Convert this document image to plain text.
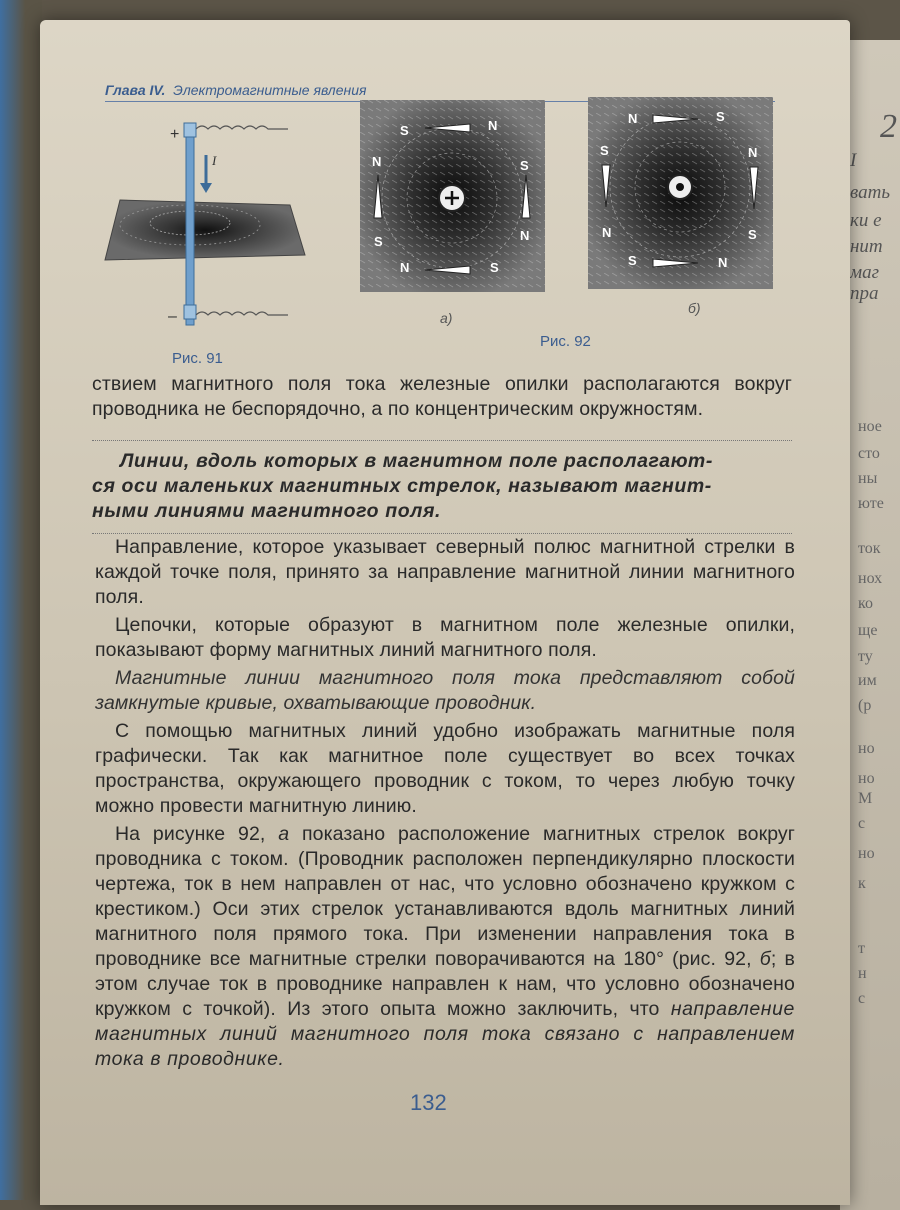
2
I
вать
ки е
нит
маг
пра
ное
сто
ны
юте
ток
нох
ко
ще
ту
им
(р
но
но
М
с
но
к
т
н
с
Глава IV. Электромагнитные явления
I
+
–
Рис. 91
S	N
N	S
S	N
N	S
а)
N	S
S	N
N	S
S	N
б)
Рис. 92

ствием магнитного поля тока железные опилки располагаются вокруг проводника не беспорядочно, а по концентрическим окружностям.

Линии, вдоль которых в магнитном поле располагают-
ся оси маленьких магнитных стрелок, называют магнит-
ными линиями магнитного поля.

Направление, которое указывает северный полюс магнитной стрелки в каждой точке поля, принято за направление магнитной линии магнитного поля.

Цепочки, которые образуют в магнитном поле железные опилки, показывают форму магнитных линий магнитного поля.

Магнитные линии магнитного поля тока представляют собой замкнутые кривые, охватывающие проводник.

С помощью магнитных линий удобно изображать магнитные поля графически. Так как магнитное поле существует во всех точках пространства, окружающего проводник с током, то через любую точку можно провести магнитную линию.

На рисунке 92, а показано расположение магнитных стрелок вокруг проводника с током. (Проводник расположен перпендикулярно плоскости чертежа, ток в нем направлен от нас, что условно обозначено кружком с крестиком.) Оси этих стрелок устанавливаются вдоль магнитных линий магнитного поля прямого тока. При изменении направления тока в проводнике все магнитные стрелки поворачиваются на 180° (рис. 92, б; в этом случае ток в проводнике направлен к нам, что условно обозначено кружком с точкой). Из этого опыта можно заключить, что направление магнитных линий магнитного поля тока связано с направлением тока в проводнике.

132
